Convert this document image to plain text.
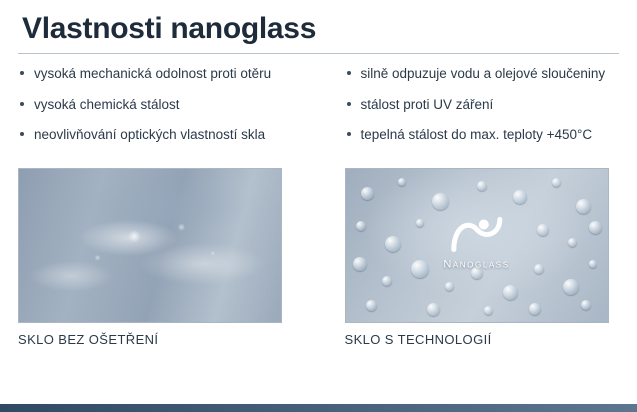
Vlastnosti nanoglass
vysoká mechanická odolnost proti otěru
vysoká chemická stálost
neovlivňování optických vlastností skla
silně odpuzuje vodu a olejové sloučeniny
stálost proti UV záření
tepelná stálost do max. teploty +450°C
Nanoglass
SKLO BEZ OŠETŘENÍ	SKLO S TECHNOLOGIÍ
